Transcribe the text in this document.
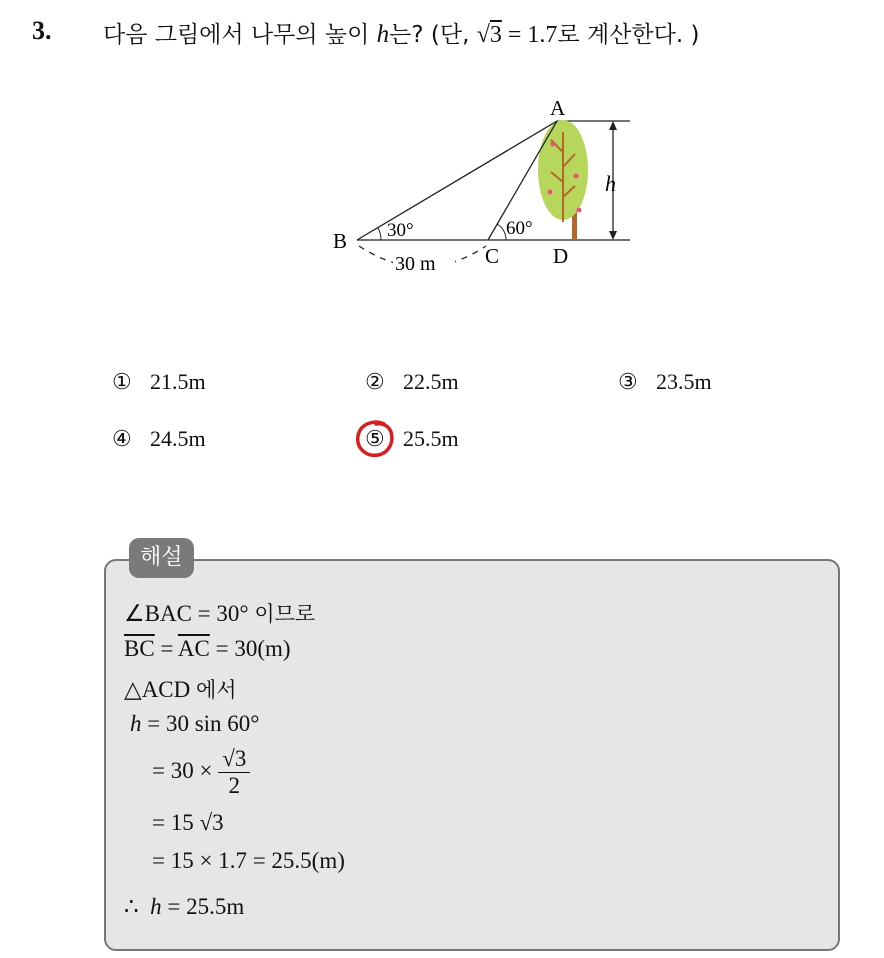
3. 다음 그림에서 나무의 높이 h는? (단, √3 = 1.7로 계산한다. )
A
B
C	D
h
30°	60°
30 m
① 21.5m	② 22.5m	③ 23.5m
④ 24.5m	⑤ 25.5m
해설
∠BAC = 30° 이므로
$\overline{BC} = \overline{AC} = 30(m)$
△ACD 에서
h = 30 sin 60°
= $30 \times \frac{√3}{2}$
= 15 √3
= 15 × 1.7 = 25.5(m)
∴ h = 25.5m
